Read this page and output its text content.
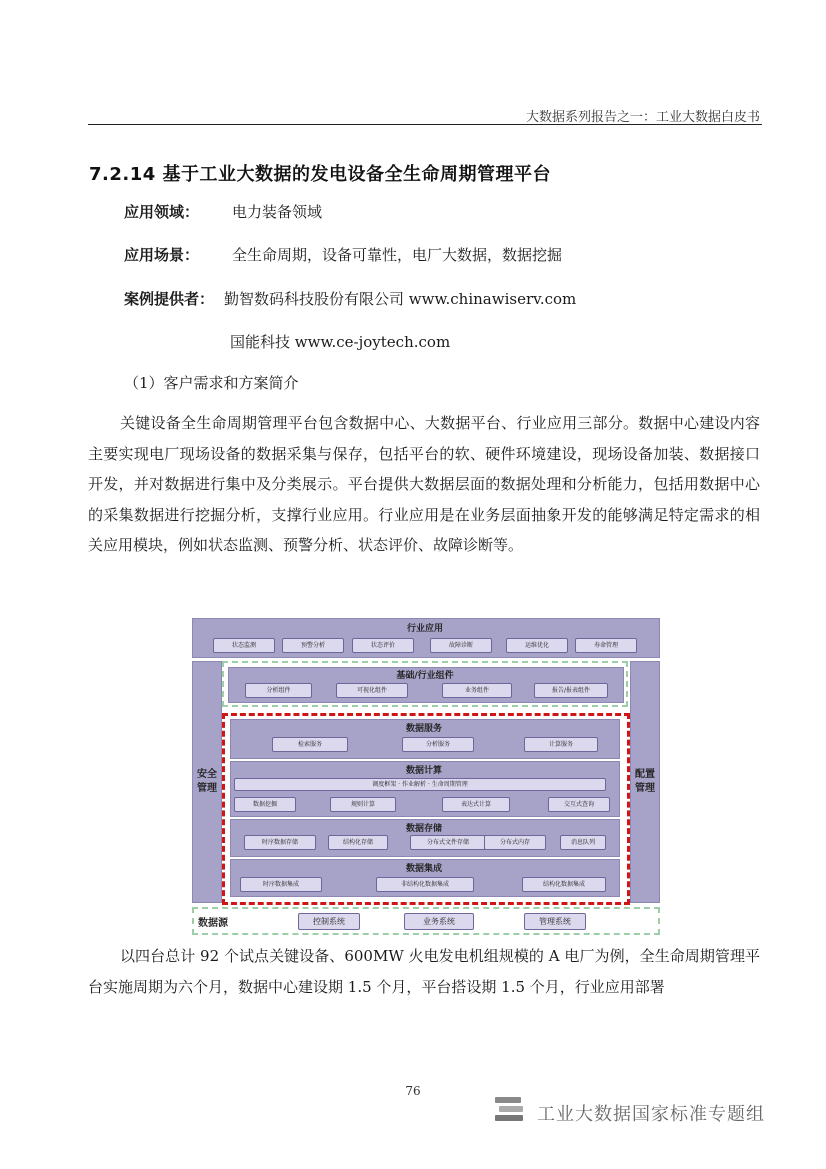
大数据系列报告之一：工业大数据白皮书
7.2.14 基于工业大数据的发电设备全生命周期管理平台
应用领域： 电力装备领域
应用场景： 全生命周期，设备可靠性，电厂大数据，数据挖掘
案例提供者： 勤智数码科技股份有限公司 www.chinawiserv.com
国能科技 www.ce-joytech.com
（1）客户需求和方案简介

关键设备全生命周期管理平台包含数据中心、大数据平台、行业应用三部分。数据中心建设内容主要实现电厂现场设备的数据采集与保存，包括平台的软、硬件环境建设，现场设备加装、数据接口开发，并对数据进行集中及分类展示。平台提供大数据层面的数据处理和分析能力，包括用数据中心的采集数据进行挖掘分析，支撑行业应用。行业应用是在业务层面抽象开发的能够满足特定需求的相关应用模块，例如状态监测、预警分析、状态评价、故障诊断等。

行业应用
状态监测	预警分析	状态评价	故障诊断	运维优化	寿命管理
安全管理
配置管理
基础/行业组件
分析组件	可视化组件	业务组件	报告/报表组件
数据服务
检索服务	分析服务	计算服务
数据计算
调度框架 · 作业解析 · 生命周期管理
数据挖掘	规则计算	表达式计算	交互式查询
数据存储
时序数据存储	结构化存储	分布式文件存储	分布式内存	消息队列
数据集成
时序数据集成	非结构化数据集成	结构化数据集成
数据源	控制系统	业务系统	管理系统

以四台总计 92 个试点关键设备、600MW 火电发电机组规模的 A 电厂为例，全生命周期管理平台实施周期为六个月，数据中心建设期 1.5 个月，平台搭设期 1.5 个月，行业应用部署

76
工业大数据国家标准专题组
